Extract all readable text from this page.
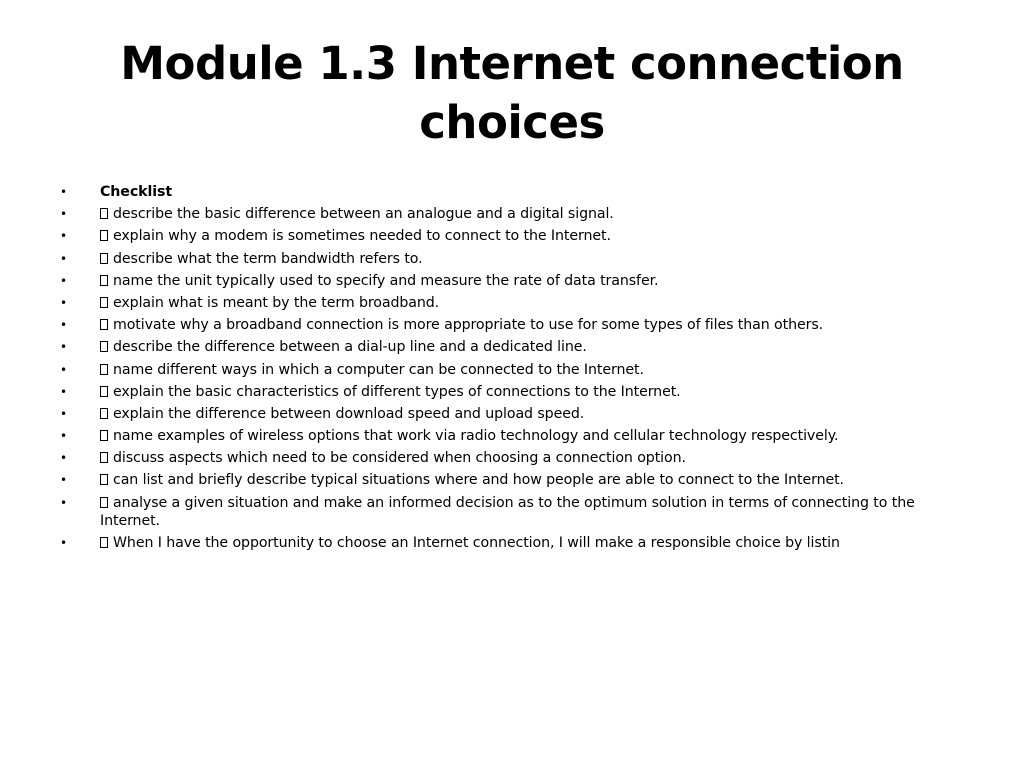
Module 1.3 Internet connection choices
• Checklist
•	describe the basic difference between an analogue and a digital signal.
•	explain why a modem is sometimes needed to connect to the Internet.
•	describe what the term bandwidth refers to.
•	name the unit typically used to specify and measure the rate of data transfer.
•	explain what is meant by the term broadband.
•	motivate why a broadband connection is more appropriate to use for some types of files than others.
•	describe the difference between a dial-up line and a dedicated line.
•	name different ways in which a computer can be connected to the Internet.
•	explain the basic characteristics of different types of connections to the Internet.
•	explain the difference between download speed and upload speed.
•	name examples of wireless options that work via radio technology and cellular technology respectively.
•	discuss aspects which need to be considered when choosing a connection option.
•	can list and briefly describe typical situations where and how people are able to connect to the Internet.
•	analyse a given situation and make an informed decision as to the optimum solution in terms of connecting to the Internet.
•	When I have the opportunity to choose an Internet connection, I will make a responsible choice by listin
